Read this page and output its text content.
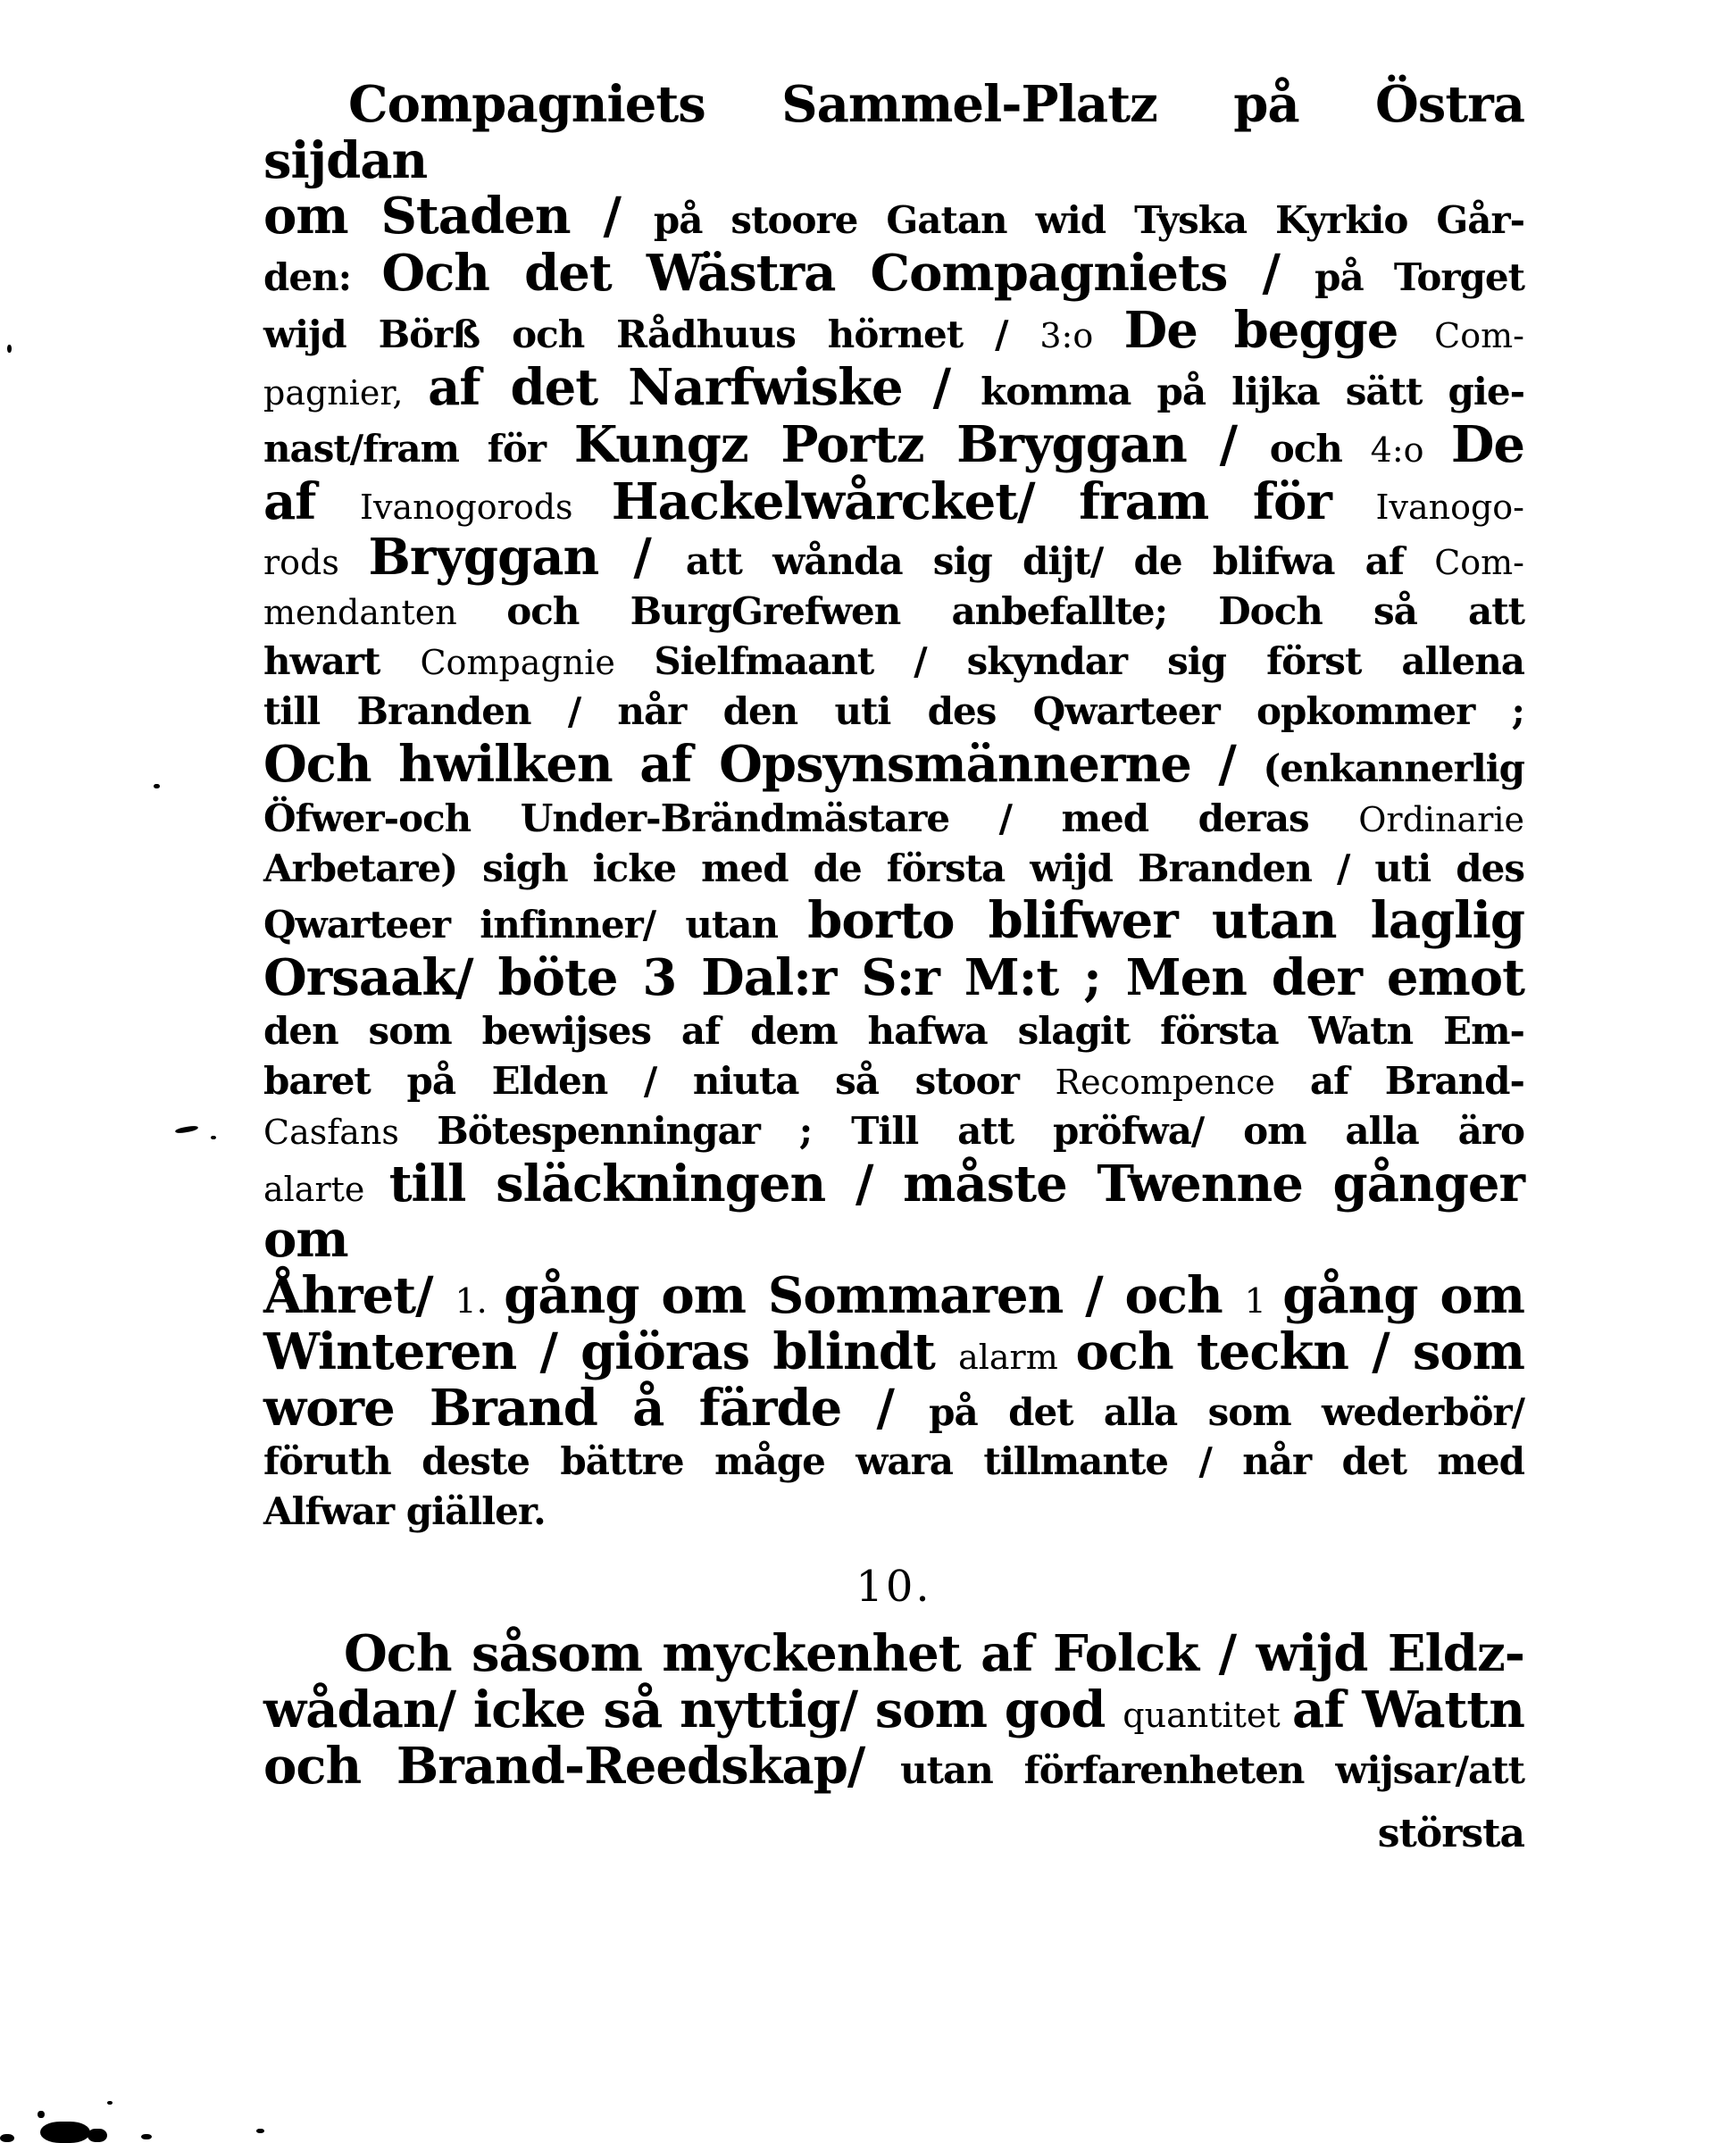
Compagniets Sammel-Platz på Östra sijdan
om Staden / på stoore Gatan wid Tyska Kyrkio Går-
den: Och det Wästra Compagniets / på Torget
wijd Börß och Rådhuus hörnet / 3:o De begge Com-
pagnier, af det Narfwiske / komma på lijka sätt gie-
nast/fram för Kungz Portz Bryggan / och 4:o De
af Ivanogorods Hackelwårcket/ fram för Ivanogo-
rods Bryggan / att wånda sig dijt/ de blifwa af Com-
mendanten och BurgGrefwen anbefallte; Doch så att
hwart Compagnie Sielfmaant / skyndar sig först allena
till Branden / når den uti des Qwarteer opkommer ;
Och hwilken af Opsynsmännerne / (enkannerlig
Öfwer-och Under-Brändmästare / med deras Ordinarie
Arbetare) sigh icke med de första wijd Branden / uti des
Qwarteer infinner/ utan borto blifwer utan laglig
Orsaak/ böte 3 Dal:r S:r M:t ; Men der emot
den som bewijses af dem hafwa slagit första Watn Em-
baret på Elden / niuta så stoor Recompence af Brand-
Casfans Bötespenningar ; Till att pröfwa/ om alla äro
alarte till släckningen / måste Twenne gånger om
Åhret/ 1. gång om Sommaren / och 1 gång om
Winteren / giöras blindt alarm och teckn / som
wore Brand å färde / på det alla som wederbör/
föruth deste bättre måge wara tillmante / når det med
Alfwar giäller.
10.
Och såsom myckenhet af Folck / wijd Eldz-
wådan/ icke så nyttig/ som god quantitet af Wattn
och Brand-Reedskap/ utan förfarenheten wijsar/att
största
